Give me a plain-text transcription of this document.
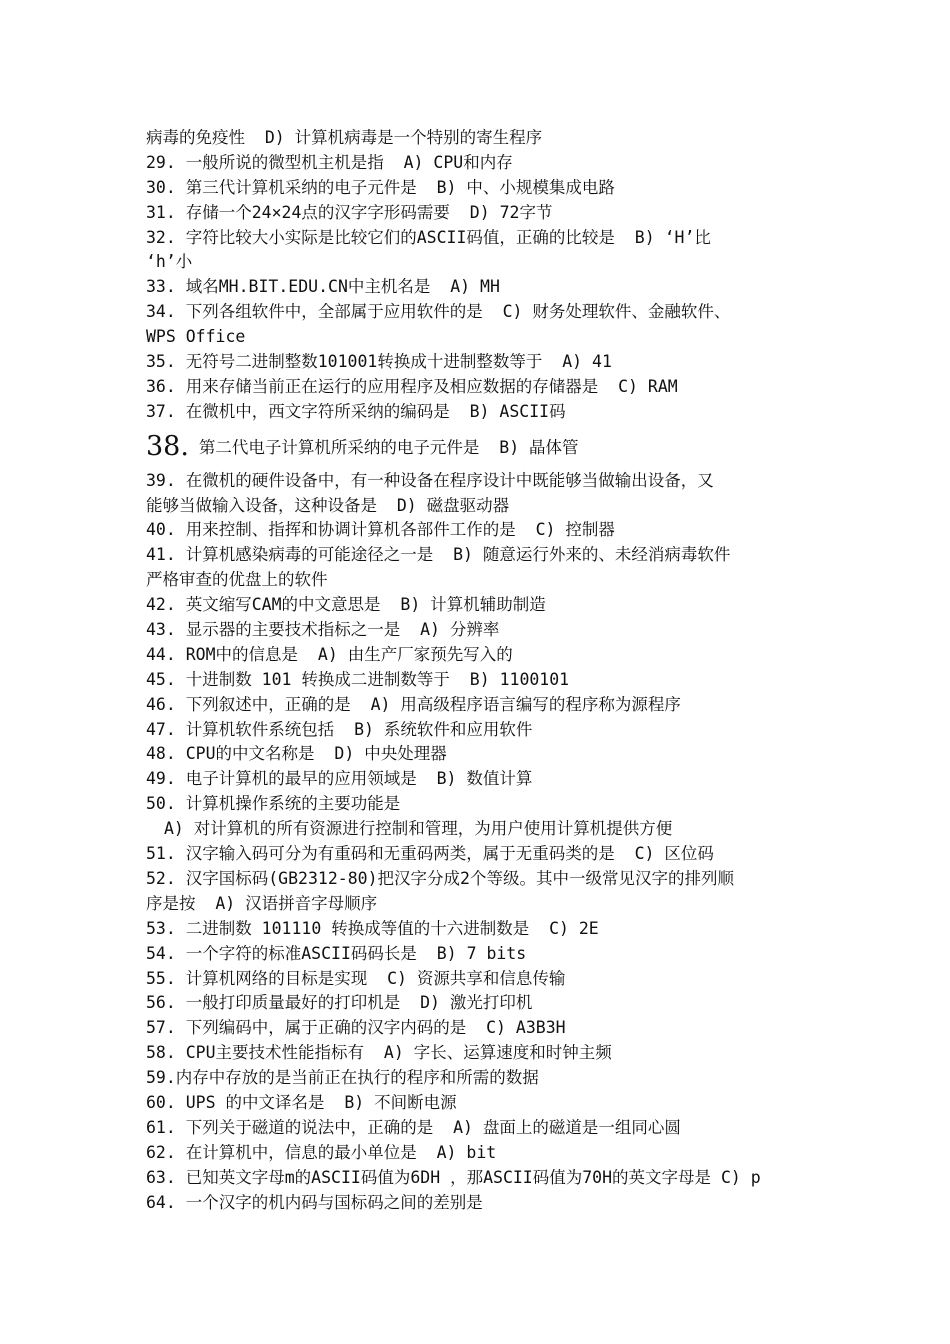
病毒的免疫性  D) 计算机病毒是一个特别的寄生程序
29. 一般所说的微型机主机是指  A) CPU和内存
30. 第三代计算机采纳的电子元件是  B) 中、小规模集成电路
31. 存储一个24×24点的汉字字形码需要  D) 72字节
32. 字符比较大小实际是比较它们的ASCII码值，正确的比较是  B) ‘H’比
‘h’小
33. 域名MH.BIT.EDU.CN中主机名是  A) MH
34. 下列各组软件中，全部属于应用软件的是  C) 财务处理软件、金融软件、
WPS Office
35. 无符号二进制整数101001转换成十进制整数等于  A) 41
36. 用来存储当前正在运行的应用程序及相应数据的存储器是  C) RAM
37. 在微机中，西文字符所采纳的编码是  B) ASCII码
38. 第二代电子计算机所采纳的电子元件是  B) 晶体管
39. 在微机的硬件设备中，有一种设备在程序设计中既能够当做输出设备，又
能够当做输入设备，这种设备是  D) 磁盘驱动器
40. 用来控制、指挥和协调计算机各部件工作的是  C) 控制器
41. 计算机感染病毒的可能途径之一是  B) 随意运行外来的、未经消病毒软件
严格审查的优盘上的软件
42. 英文缩写CAM的中文意思是  B) 计算机辅助制造
43. 显示器的主要技术指标之一是  A) 分辨率
44. ROM中的信息是  A) 由生产厂家预先写入的
45. 十进制数 101 转换成二进制数等于  B) 1100101
46. 下列叙述中，正确的是  A) 用高级程序语言编写的程序称为源程序
47. 计算机软件系统包括  B) 系统软件和应用软件
48. CPU的中文名称是  D) 中央处理器
49. 电子计算机的最早的应用领域是  B) 数值计算
50. 计算机操作系统的主要功能是
A) 对计算机的所有资源进行控制和管理，为用户使用计算机提供方便
51. 汉字输入码可分为有重码和无重码两类，属于无重码类的是  C) 区位码
52. 汉字国标码(GB2312-80)把汉字分成2个等级。其中一级常见汉字的排列顺
序是按  A) 汉语拼音字母顺序
53. 二进制数 101110 转换成等值的十六进制数是  C) 2E
54. 一个字符的标准ASCII码码长是  B) 7 bits
55. 计算机网络的目标是实现  C) 资源共享和信息传输
56. 一般打印质量最好的打印机是  D) 激光打印机
57. 下列编码中，属于正确的汉字内码的是  C) A3B3H
58. CPU主要技术性能指标有  A) 字长、运算速度和时钟主频
59.内存中存放的是当前正在执行的程序和所需的数据
60. UPS 的中文译名是  B) 不间断电源
61. 下列关于磁道的说法中，正确的是  A) 盘面上的磁道是一组同心圆
62. 在计算机中，信息的最小单位是  A) bit
63. 已知英文字母m的ASCII码值为6DH ，那ASCII码值为70H的英文字母是 C) p
64. 一个汉字的机内码与国标码之间的差别是
